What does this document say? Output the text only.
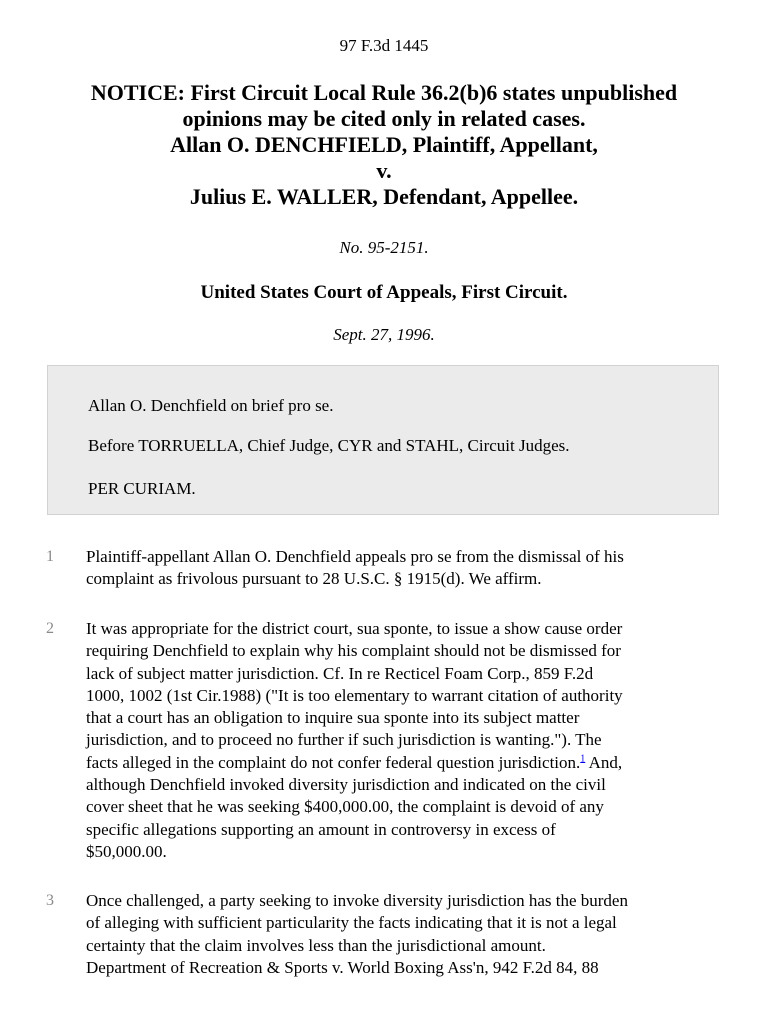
97 F.3d 1445
NOTICE: First Circuit Local Rule 36.2(b)6 states unpublished
opinions may be cited only in related cases.
Allan O. DENCHFIELD, Plaintiff, Appellant,
v.
Julius E. WALLER, Defendant, Appellee.
No. 95-2151.
United States Court of Appeals, First Circuit.
Sept. 27, 1996.
Allan O. Denchfield on brief pro se.
Before TORRUELLA, Chief Judge, CYR and STAHL, Circuit Judges.
PER CURIAM.
1 Plaintiff-appellant Allan O. Denchfield appeals pro se from the dismissal of his
complaint as frivolous pursuant to 28 U.S.C. § 1915(d). We affirm.
2 It was appropriate for the district court, sua sponte, to issue a show cause order
requiring Denchfield to explain why his complaint should not be dismissed for
lack of subject matter jurisdiction. Cf. In re Recticel Foam Corp., 859 F.2d
1000, 1002 (1st Cir.1988) ("It is too elementary to warrant citation of authority
that a court has an obligation to inquire sua sponte into its subject matter
jurisdiction, and to proceed no further if such jurisdiction is wanting."). The
facts alleged in the complaint do not confer federal question jurisdiction.$^1$ And,
although Denchfield invoked diversity jurisdiction and indicated on the civil
cover sheet that he was seeking $400,000.00, the complaint is devoid of any
specific allegations supporting an amount in controversy in excess of
$50,000.00.
3 Once challenged, a party seeking to invoke diversity jurisdiction has the burden
of alleging with sufficient particularity the facts indicating that it is not a legal
certainty that the claim involves less than the jurisdictional amount.
Department of Recreation & Sports v. World Boxing Ass'n, 942 F.2d 84, 88
